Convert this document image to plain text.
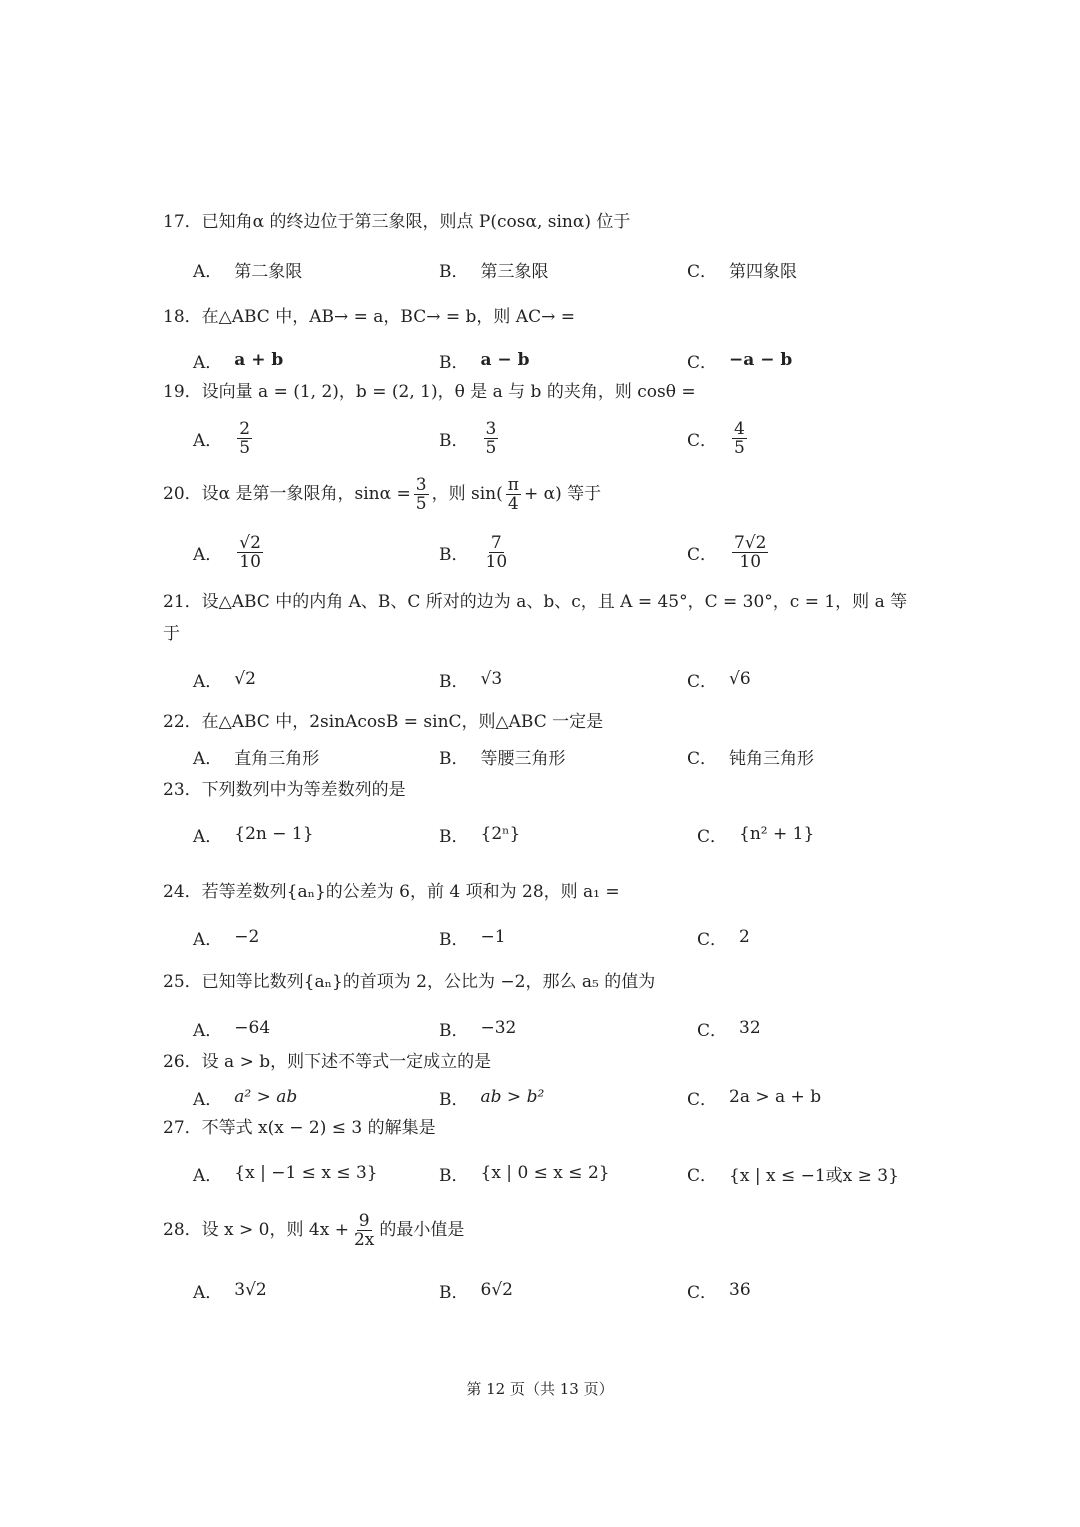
17．已知角α 的终边位于第三象限，则点 P(cosα, sinα) 位于
A． 第二象限	B． 第三象限	C． 第四象限
18．在△ABC 中，AB→ = a，BC→ = b，则 AC→ =
A． a + b	B． a − b	C． −a − b
19．设向量 a = (1, 2)，b = (2, 1)，θ 是 a 与 b 的夹角，则 cosθ =
A． $\frac{2}{5}$	B． $\frac{3}{5}$	C． $\frac{4}{5}$
20． 设α 是第一象限角，$\sin\alpha = \frac{3}{5}$ ，则 $\sin( \frac{\pi}{4} + \alpha)$ 等于
A． $\frac{√2}{10}$	B． $\frac{7}{10}$	C． $\frac{7√2}{10}$
21．设△ABC 中的内角 A、B、C 所对的边为 a、b、c，且 A = 45°，C = 30°，c = 1，则 a 等于
A． √2	B． √3	C． √6
22．在△ABC 中，2sinAcosB = sinC，则△ABC 一定是
A． 直角三角形	B． 等腰三角形	C． 钝角三角形
23．下列数列中为等差数列的是
A． {2n − 1}	B． {2ⁿ}	C． {n² + 1}
24．若等差数列{aₙ}的公差为 6，前 4 项和为 28，则 a₁ =
A． −2	B． −1	C． 2
25．已知等比数列{aₙ}的首项为 2，公比为 −2，那么 a₅ 的值为
A． −64	B． −32	C． 32
26．设 a > b，则下述不等式一定成立的是
A． a² > ab	B． ab > b²	C． 2a > a + b
27．不等式 x(x − 2) ≤ 3 的解集是
A． {x | −1 ≤ x ≤ 3}	B． {x | 0 ≤ x ≤ 2}	C． {x | x ≤ −1或x ≥ 3}
28． 设 x > 0，则 $4x + \frac{9}{2x}$ 的最小值是
A． 3√2	B． 6√2	C． 36
第 12 页（共 13 页）
